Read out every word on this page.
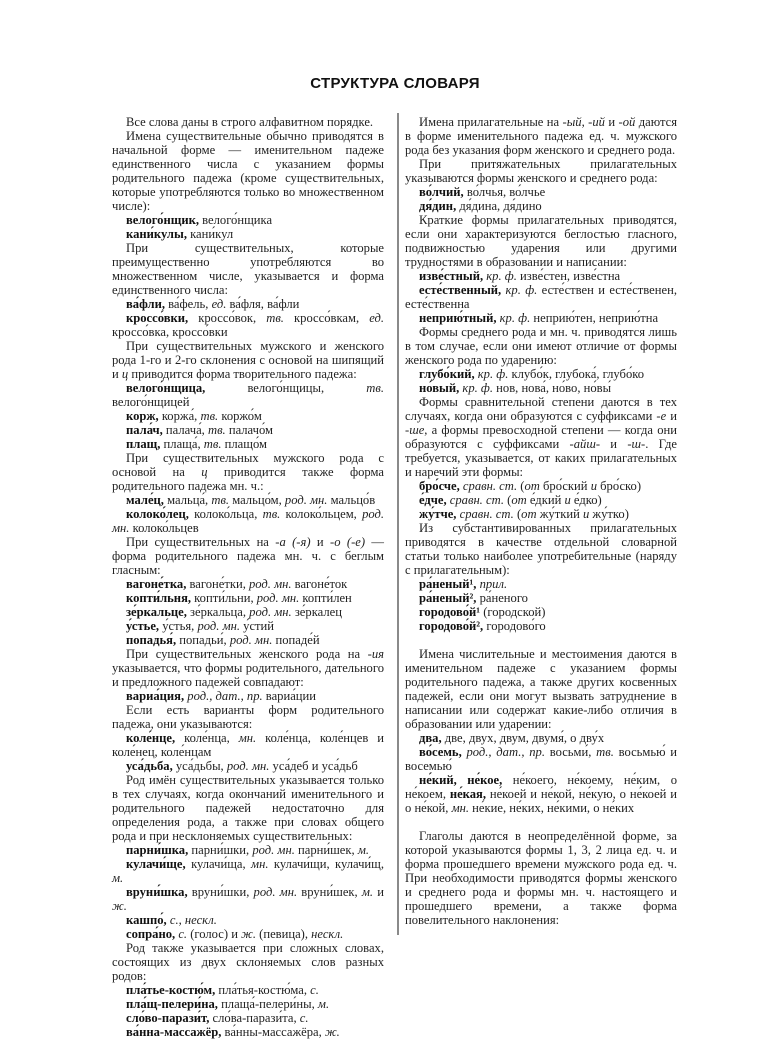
СТРУКТУРА СЛОВАРЯ

Все слова даны в строго алфавитном порядке.

Имена существительные обычно приводятся в начальной форме — именительном падеже единственного числа с указанием формы родительного падежа (кроме существительных, которые употребляются только во множественном числе):

велого́нщик, велого́нщика

кани́кулы, кани́кул

При существительных, которые преимущественно употребляются во множественном числе, указывается и форма единственного числа:

ва́фли, ва́фель, ед. ва́фля, ва́фли

кроссо́вки, кроссо́вок, тв. кроссо́вкам, ед. кроссо́вка, кроссо́вки

При существительных мужского и женского рода 1-го и 2-го склонения с основой на шипящий и ц приводится форма творительного падежа:

велого́нщица, велого́нщицы, тв. велого́нщицей

корж, коржа́, тв. коржо́м

пала́ч, палача́, тв. палачо́м

плащ, плаща́, тв. плащо́м

При существительных мужского рода с основой на ц приводится также форма родительного падежа мн. ч.:

мале́ц, мальца́, тв. мальцо́м, род. мн. мальцо́в

колоко́лец, колоко́льца, тв. колоко́льцем, род. мн. колоко́льцев

При существительных на -а (-я) и -о (-е) — форма родительного падежа мн. ч. с беглым гласным:

вагоне́тка, вагоне́тки, род. мн. вагоне́ток

копти́льня, копти́льни, род. мн. копти́лен

зе́ркальце, зе́ркальца, род. мн. зе́ркалец

у́стье, у́стья, род. мн. у́стий

попадья́, попадьи́, род. мн. попаде́й

При существительных женского рода на -ия указывается, что формы родительного, дательного и предложного падежей совпадают:

вариа́ция, род., дат., пр. вариа́ции

Если есть варианты форм родительного падежа, они указываются:

коле́нце, коле́нца, мн. коле́нца, коле́нцев и коле́нец, коле́нцам

уса́дьба, уса́дьбы, род. мн. уса́деб и уса́дьб

Род имён существительных указывается только в тех случаях, когда окончаний именительного и родительного падежей недостаточно для определения рода, а также при словах общего рода и при несклоняемых существительных:

парни́шка, парни́шки, род. мн. парни́шек, м.

кулачи́ще, кулачи́ща, мн. кулачи́щи, кулачи́щ, м.

вруни́шка, вруни́шки, род. мн. вруни́шек, м. и ж.

кашпо́, с., нескл.

сопра́но, с. (голос) и ж. (певица), нескл.

Род также указывается при сложных словах, состоящих из двух склоняемых слов разных родов:

пла́тье-костю́м, пла́тья-костю́ма, с.

пла́щ-пелери́на, плаща́-пелери́ны, м.

сло́во-парази́т, сло́ва-парази́та, с.

ва́нна-массажёр, ва́нны-массажёра, ж.

Имена прилагательные на -ый, -ий и -ой даются в форме именительного падежа ед. ч. мужского рода без указания форм женского и среднего рода.

При притяжательных прилагательных указываются формы женского и среднего рода:

во́лчий, во́лчья, во́лчье

дя́дин, дя́дина, дя́дино

Краткие формы прилагательных приводятся, если они характеризуются беглостью гласного, подвижностью ударения или другими трудностями в образовании и написании:

изве́стный, кр. ф. изве́стен, изве́стна

есте́ственный, кр. ф. есте́ствен и есте́ственен, есте́ственна

неприю́тный, кр. ф. неприю́тен, неприю́тна

Формы среднего рода и мн. ч. приводятся лишь в том случае, если они имеют отличие от формы женского рода по ударению:

глубо́кий, кр. ф. клубо́к, глубока́, глубо́ко

но́вый, кр. ф. нов, нова́, но́во, но́вы́

Формы сравнительной степени даются в тех случаях, когда они образуются с суффиксами -е и -ше, а формы превосходной степени — когда они образуются с суффиксами -айш- и -ш-. Где требуется, указывается, от каких прилагательных и наречий эти формы:

бро́сче, сравн. ст. (от бро́ский и бро́ско)

е́дче, сравн. ст. (от е́дкий и е́дко)

жу́тче, сравн. ст. (от жу́ткий и жу́тко)

Из субстантивированных прилагательных приводятся в качестве отдельной словарной статьи только наиболее употребительные (наряду с прилагательным):

ра́неный¹, прил.

ра́неный², ра́неного

городово́й¹ (городской)

городово́й², городово́го

Имена числительные и местоимения даются в именительном падеже с указанием формы родительного падежа, а также других косвенных падежей, если они могут вызвать затруднение в написании или содержат какие-либо отличия в образовании или ударении:

два, две, двух, двум, двумя́, о дву́х

во́семь, род., дат., пр. восьми́, тв. восьмью́ и восемью́

не́кий, не́кое, не́коего, не́коему, не́ким, о не́коем, не́кая, не́коей и не́кой, не́кую, о не́коей и о не́кой, мн. не́кие, не́ких, не́кими, о не́ких

Глаголы даются в неопределённой форме, за которой указываются формы 1, 3, 2 лица ед. ч. и форма прошедшего времени мужского рода ед. ч. При необходимости приводятся формы женского и среднего рода и формы мн. ч. настоящего и прошедшего времени, а также форма повелительного наклонения:
